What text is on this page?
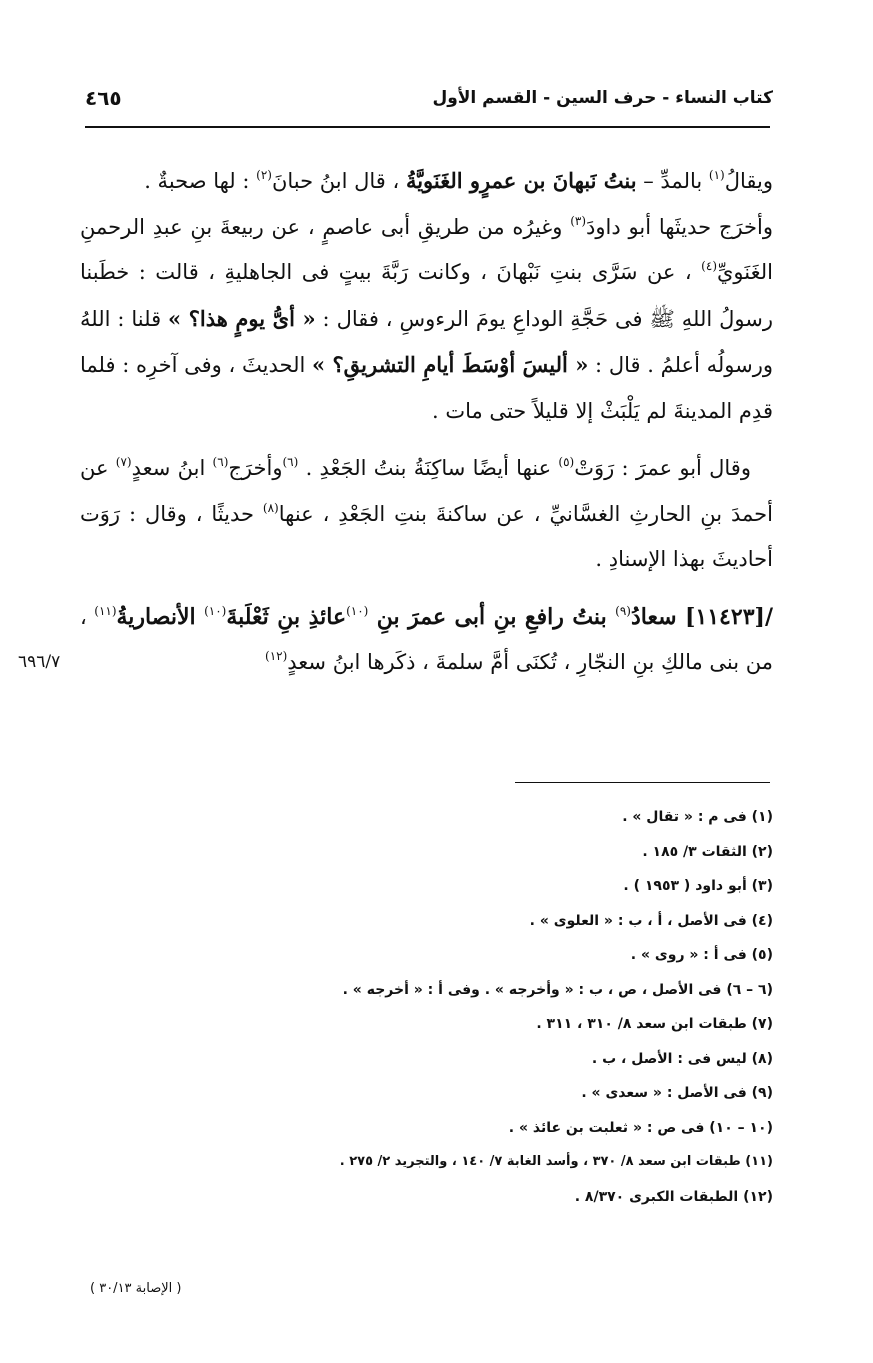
كتاب النساء - حرف السين - القسم الأول
٤٦٥
ويقالُ$^{(١)}$ بالمدِّ – بنتُ نَبهانَ بن عمرٍو الغَنَويَّةُ ، قال ابنُ حبانَ$^{(٢)}$ : لها صحبةٌ .
وأخرَج حديثَها أبو داودَ$^{(٣)}$ وغيرُه من طريقِ أبى عاصمٍ ، عن ربيعةَ بنِ عبدِ الرحمنِ الغَنَويِّ$^{(٤)}$ ، عن سَرَّى بنتِ نَبْهانَ ، وكانت رَبَّةَ بيتٍ فى الجاهليةِ ، قالت : خطَبنا رسولُ اللهِ ﷺ فى حَجَّةِ الوداعِ يومَ الرءوسِ ، فقال : « أىُّ يومٍ هذا؟ » قلنا : اللهُ ورسولُه أعلمُ . قال : « أليسَ أوْسَطَ أيامِ التشريقِ؟ » الحديثَ ، وفى آخرِه : فلما قدِم المدينةَ لم يَلْبَثْ إلا قليلاً حتى مات .
وقال أبو عمرَ : رَوَتْ$^{(٥)}$ عنها أيضًا ساكِنَةُ بنتُ الجَعْدِ . $^{(٦)}$وأخرَج$^{(٦)}$ ابنُ سعدٍ$^{(٧)}$ عن أحمدَ بنِ الحارثِ الغسَّانيِّ ، عن ساكنةَ بنتِ الجَعْدِ ، عنها$^{(٨)}$ حديثًا ، وقال : رَوَت أحاديثَ بهذا الإسنادِ .
/[١١٤٢٣] سعادُ$^{(٩)}$ بنتُ رافعِ بنِ أبى عمرَ بنِ $^{(١٠)}$عائذِ بنِ ثَعْلَبةَ$^{(١٠)}$ الأنصاريةُ$^{(١١)}$ ، من بنى مالكِ بنِ النجّارِ ، تُكنَى أمَّ سلمةَ ، ذكَرها ابنُ سعدٍ$^{(١٢)}$
٦٩٦/٧

(١) فى م : « تقال » .

(٢) الثقات ٣/ ١٨٥ .

(٣) أبو داود ( ١٩٥٣ ) .

(٤) فى الأصل ، أ ، ب : « العلوى » .

(٥) فى أ : « روى » .

(٦ – ٦) فى الأصل ، ص ، ب : « وأخرجه » . وفى أ : « أخرجه » .

(٧) طبقات ابن سعد ٨/ ٣١٠ ، ٣١١ .

(٨) ليس فى : الأصل ، ب .

(٩) فى الأصل : « سعدى » .

(١٠ – ١٠) فى ص : « ثعلبت بن عائذ » .

(١١) طبقات ابن سعد ٨/ ٣٧٠ ، وأسد الغابة ٧/ ١٤٠ ، والتجريد ٢/ ٢٧٥ .

(١٢) الطبقات الكبرى ٨/٣٧٠ .

( الإصابة ٣٠/١٣ )
